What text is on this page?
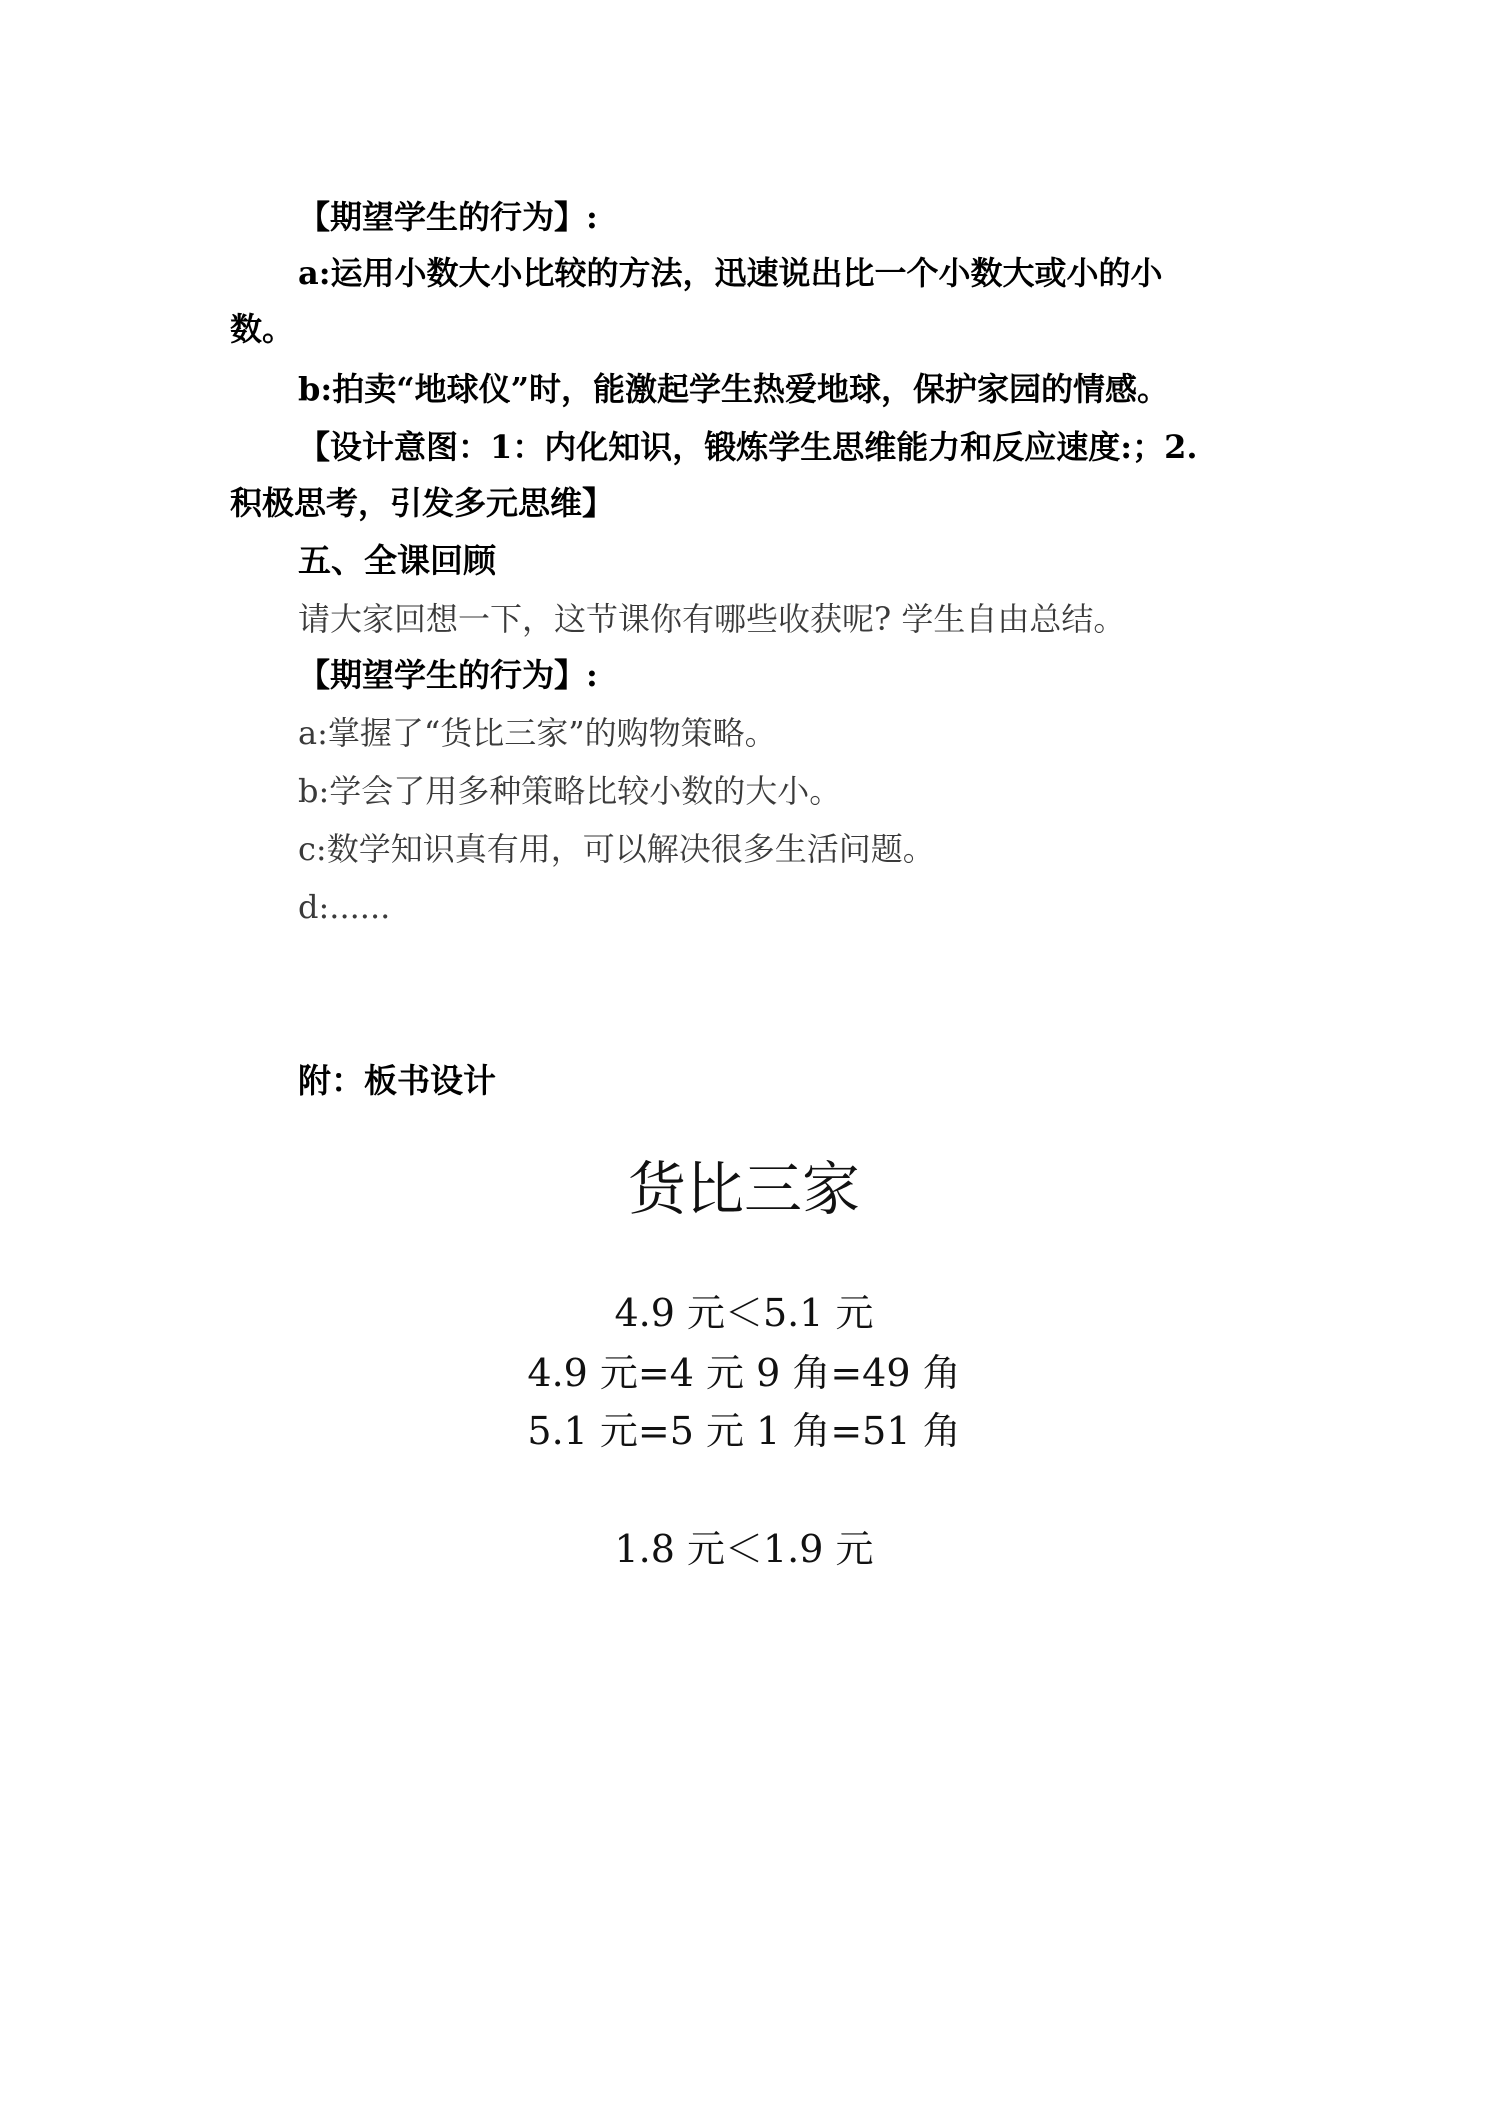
【期望学生的行为】:
a:运用小数大小比较的方法，迅速说出比一个小数大或小的小
数。
b:拍卖“地球仪”时，能激起学生热爱地球，保护家园的情感。
【设计意图：1：内化知识，锻炼学生思维能力和反应速度:；2.
积极思考，引发多元思维】
五、全课回顾
请大家回想一下，这节课你有哪些收获呢? 学生自由总结。
【期望学生的行为】:
a:掌握了“货比三家”的购物策略。
b:学会了用多种策略比较小数的大小。
c:数学知识真有用，可以解决很多生活问题。
d:......
附：板书设计
货比三家
4.9 元＜5.1 元
4.9 元=4 元 9 角=49 角
5.1 元=5 元 1 角=51 角
1.8 元＜1.9 元
